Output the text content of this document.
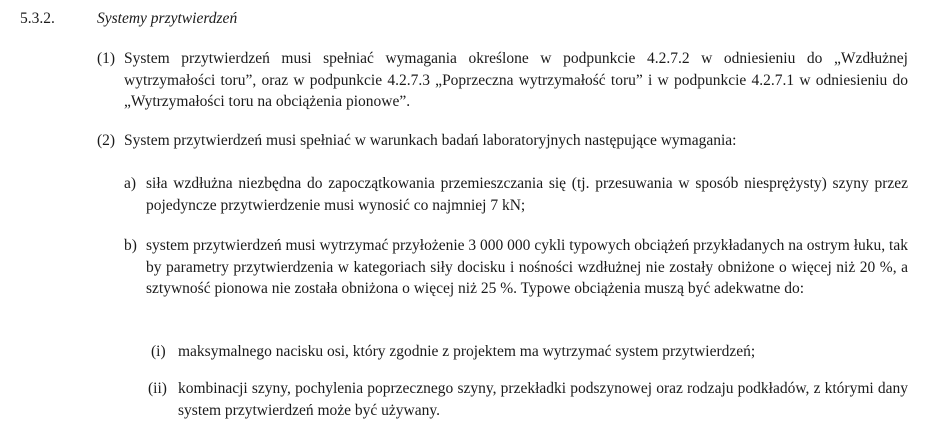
5.3.2.	Systemy przytwierdzeń
(1) System przytwierdzeń musi spełniać wymagania określone w podpunkcie 4.2.7.2 w odniesieniu do „Wzdłużnej wytrzymałości toru”, oraz w podpunkcie 4.2.7.3 „Poprzeczna wytrzymałość toru” i w podpunkcie 4.2.7.1 w odniesieniu do „Wytrzymałości toru na obciążenia pionowe”.
(2) System przytwierdzeń musi spełniać w warunkach badań laboratoryjnych następujące wymagania:
a) siła wzdłużna niezbędna do zapoczątkowania przemieszczania się (tj. przesuwania w sposób niesprężysty) szyny przez pojedyncze przytwierdzenie musi wynosić co najmniej 7 kN;
b) system przytwierdzeń musi wytrzymać przyłożenie 3 000 000 cykli typowych obciążeń przykładanych na ostrym łuku, tak by parametry przytwierdzenia w kategoriach siły docisku i nośności wzdłużnej nie zostały obniżone o więcej niż 20 %, a sztywność pionowa nie została obniżona o więcej niż 25 %. Typowe obciążenia muszą być adekwatne do:
(i) maksymalnego nacisku osi, który zgodnie z projektem ma wytrzymać system przytwierdzeń;
(ii) kombinacji szyny, pochylenia poprzecznego szyny, przekładki podszynowej oraz rodzaju podkładów, z którymi dany system przytwierdzeń może być używany.
